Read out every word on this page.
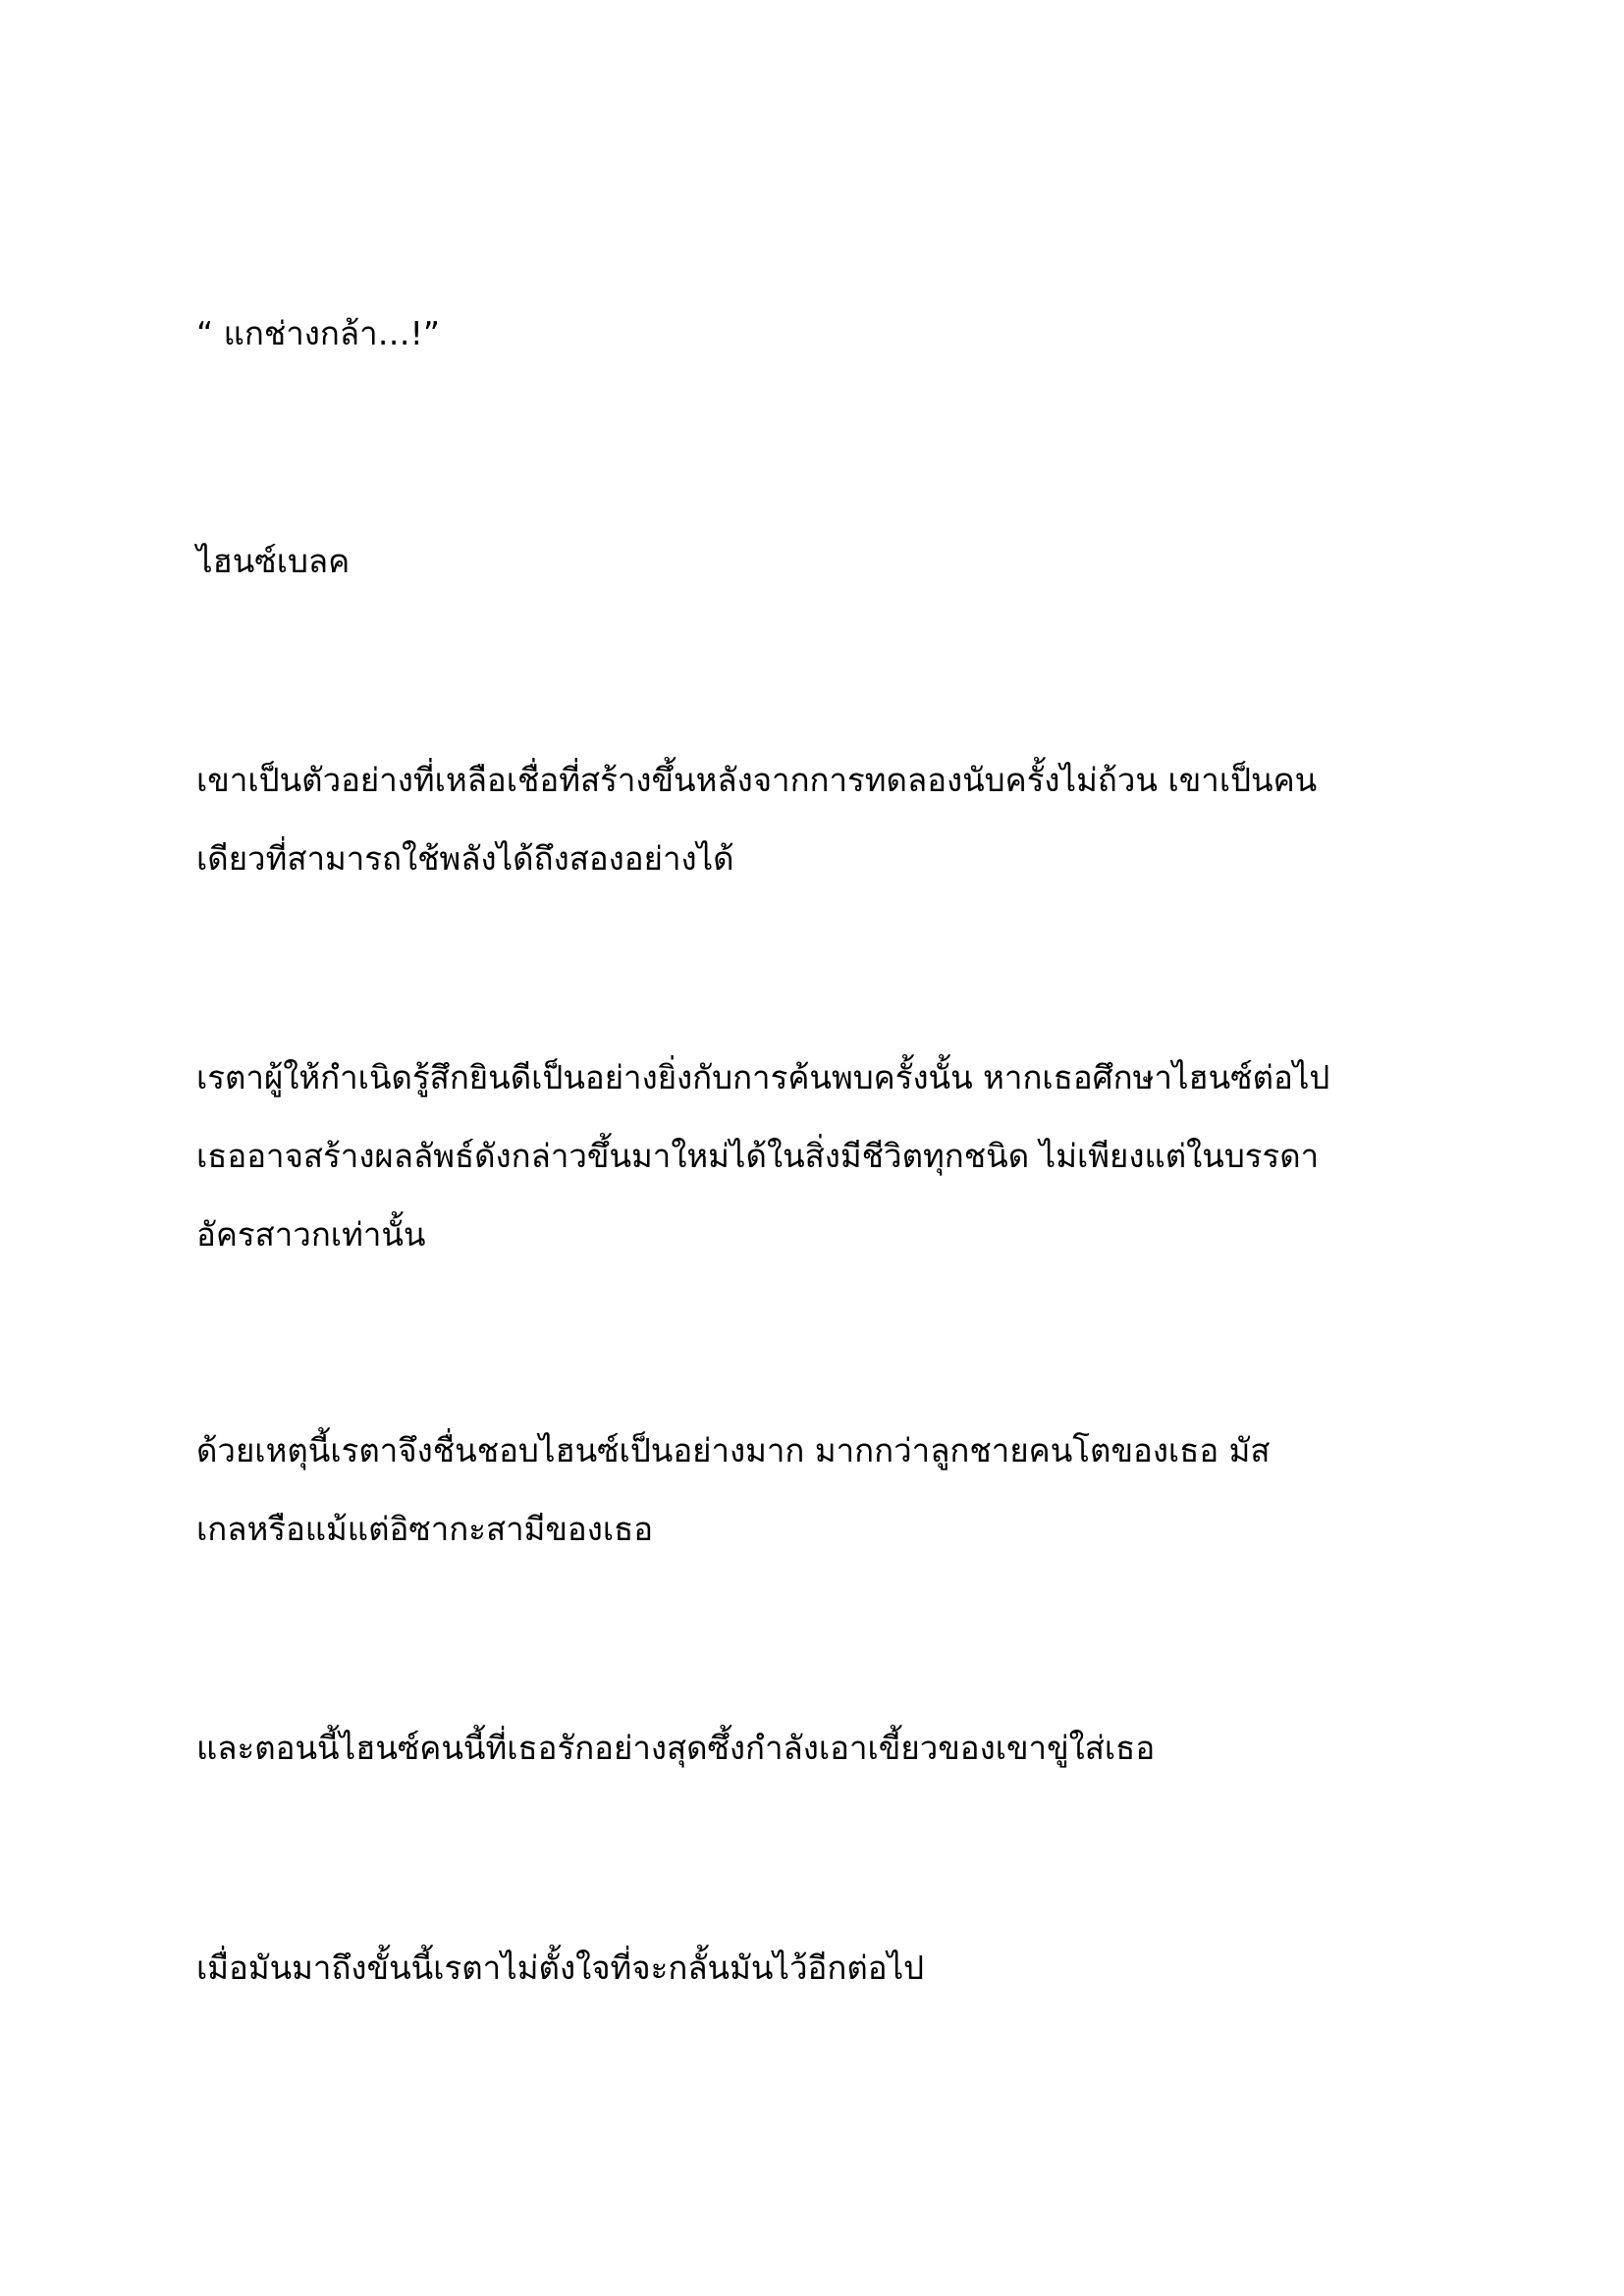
“ แกช่างกล้า…!”

ไฮนซ์เบลค

เขาเป็นตัวอย่างที่เหลือเชื่อที่สร้างขึ้นหลังจากการทดลองนับครั้งไม่ถ้วน เขาเป็นคน
เดียวที่สามารถใช้พลังได้ถึงสองอย่างได้

เรตาผู้ให้กำเนิดรู้สึกยินดีเป็นอย่างยิ่งกับการค้นพบครั้งนั้น หากเธอศึกษาไฮนซ์ต่อไป
เธออาจสร้างผลลัพธ์ดังกล่าวขึ้นมาใหม่ได้ในสิ่งมีชีวิตทุกชนิด ไม่เพียงแต่ในบรรดา
อัครสาวกเท่านั้น

ด้วยเหตุนี้เรตาจึงชื่นชอบไฮนซ์เป็นอย่างมาก มากกว่าลูกชายคนโตของเธอ มัส
เกลหรือแม้แต่อิซากะสามีของเธอ

และตอนนี้ไฮนซ์คนนี้ที่เธอรักอย่างสุดซึ้งกำลังเอาเขี้ยวของเขาขู่ใส่เธอ

เมื่อมันมาถึงขั้นนี้เรตาไม่ตั้งใจที่จะกลั้นมันไว้อีกต่อไป
